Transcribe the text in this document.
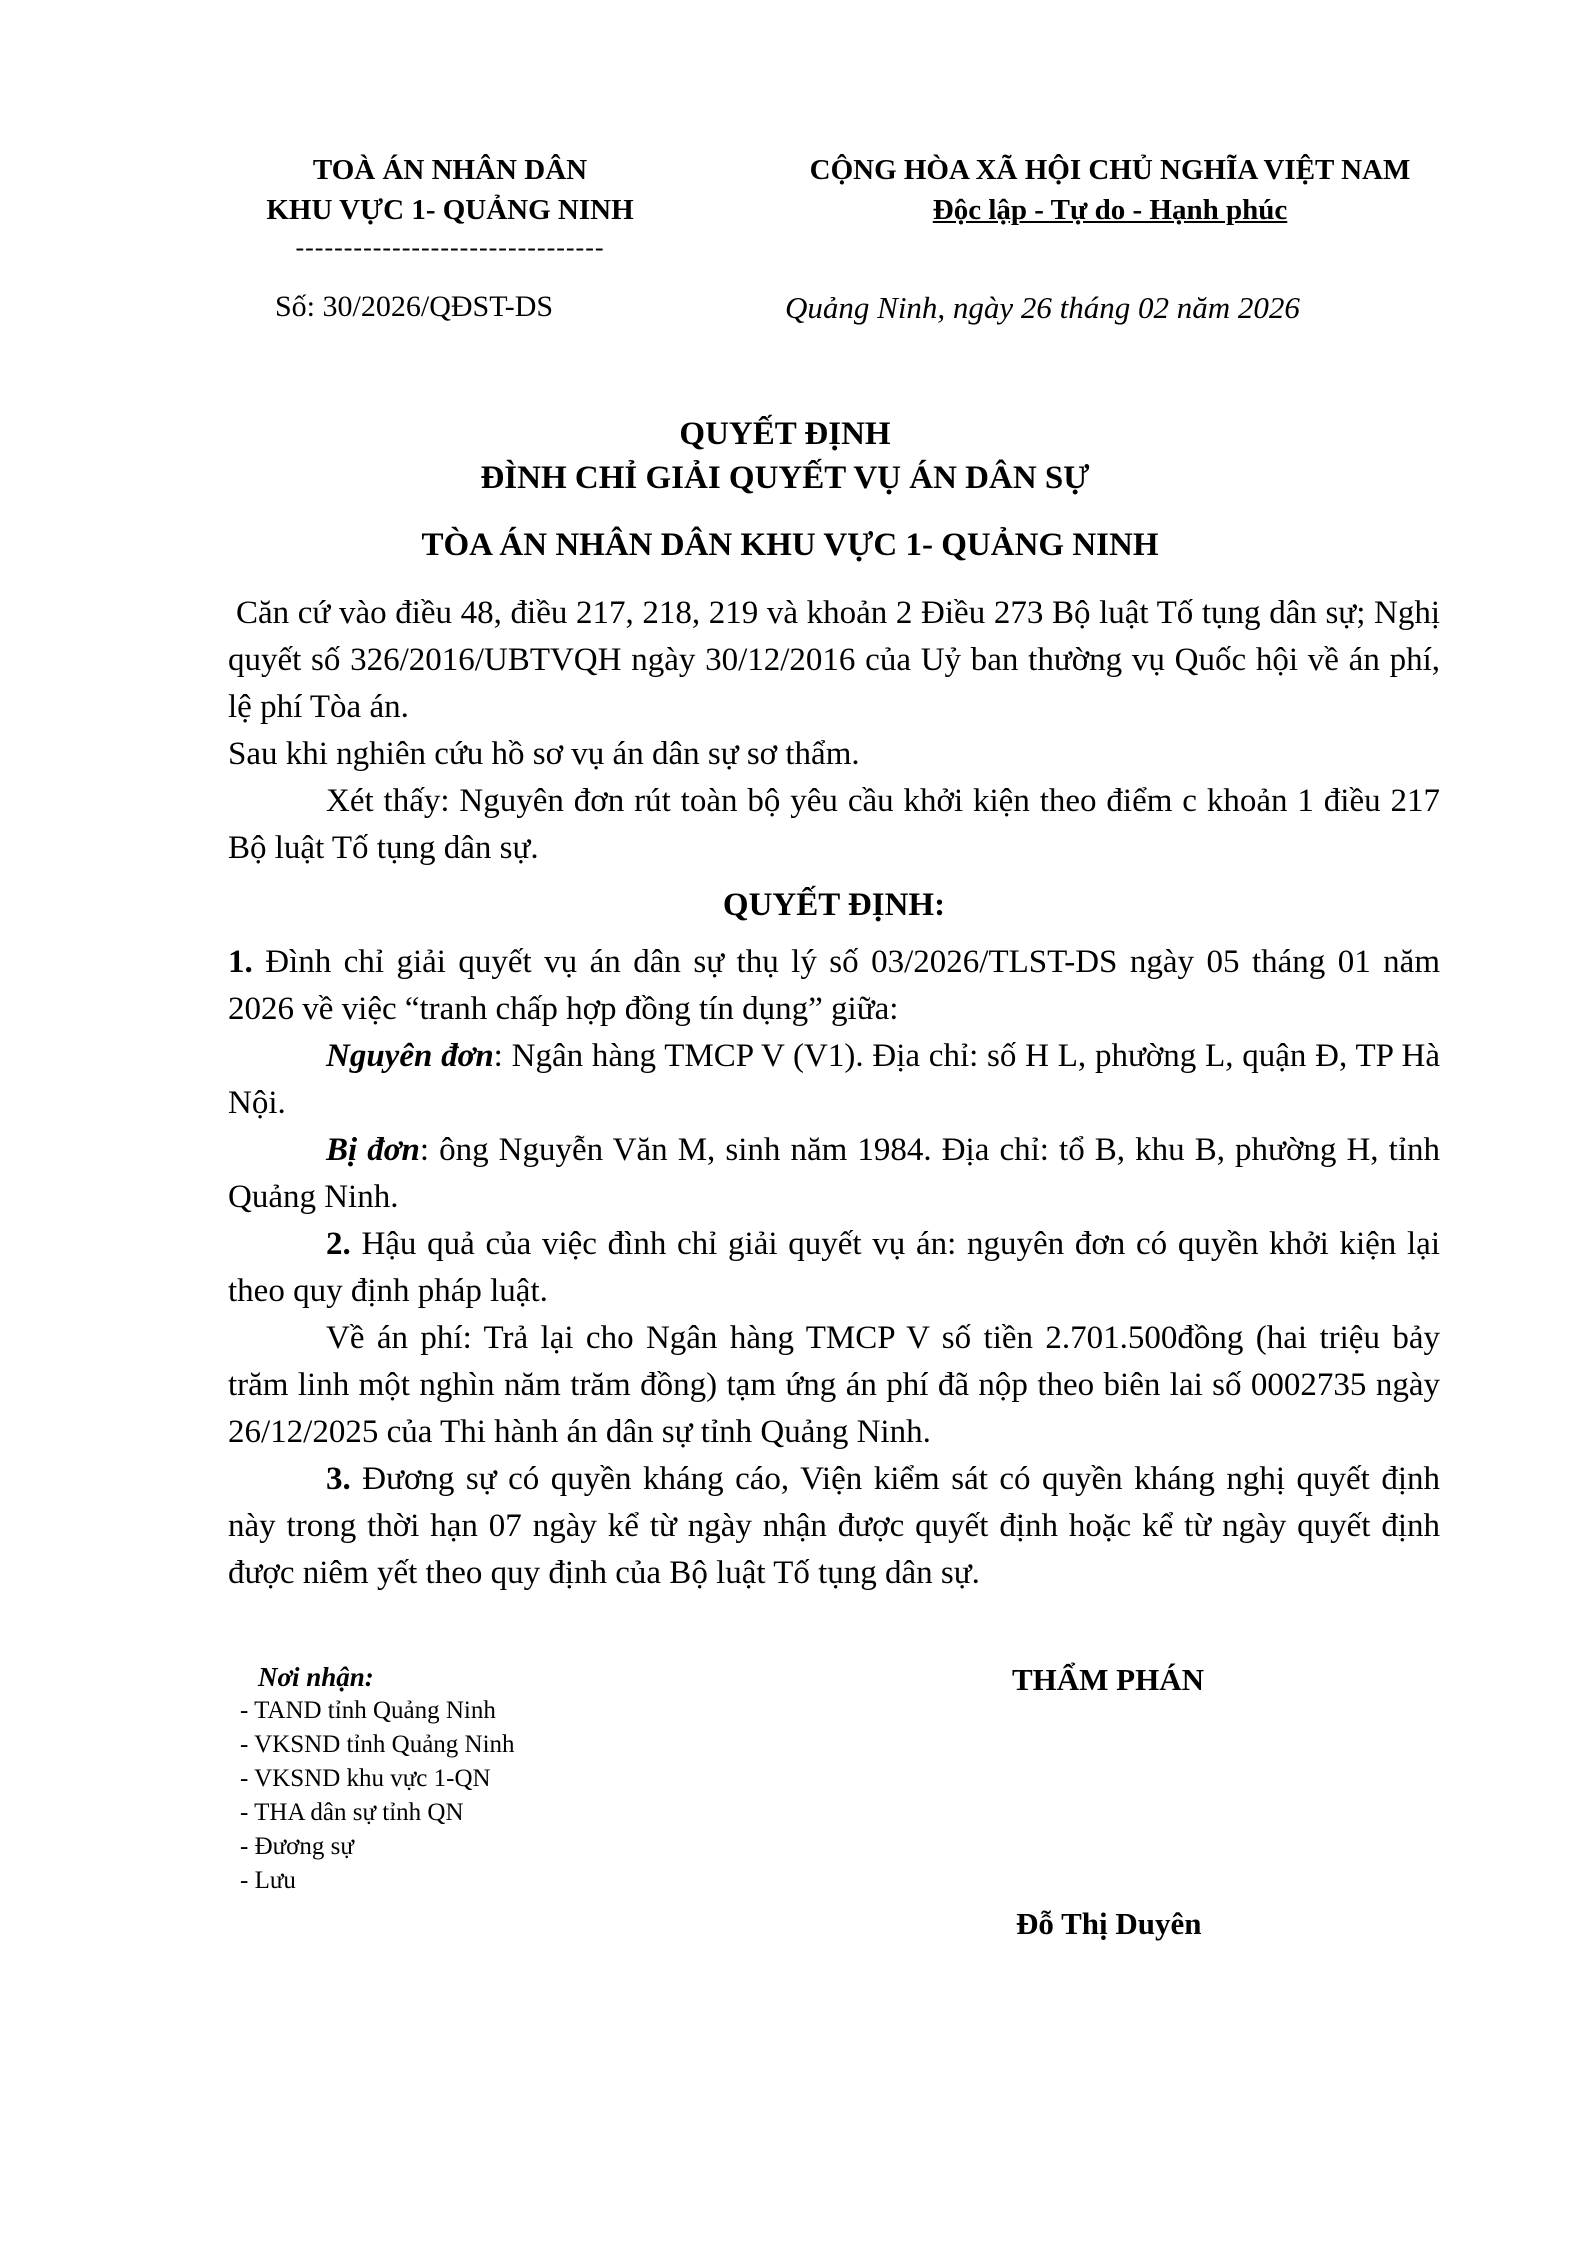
TOÀ ÁN NHÂN DÂN
KHU VỰC 1- QUẢNG NINH
--------------------------------
CỘNG HÒA XÃ HỘI CHỦ NGHĨA VIỆT NAM
Độc lập - Tự do - Hạnh phúc
Số: 30/2026/QĐST-DS	Quảng Ninh, ngày 26 tháng 02 năm 2026
QUYẾT ĐỊNH
ĐÌNH CHỈ GIẢI QUYẾT VỤ ÁN DÂN SỰ
TÒA ÁN NHÂN DÂN KHU VỰC 1- QUẢNG NINH

Căn cứ vào điều 48, điều 217, 218, 219 và khoản 2 Điều 273 Bộ luật Tố tụng dân sự; Nghị quyết số 326/2016/UBTVQH ngày 30/12/2016 của Uỷ ban thường vụ Quốc hội về án phí, lệ phí Tòa án.

Sau khi nghiên cứu hồ sơ vụ án dân sự sơ thẩm.

Xét thấy: Nguyên đơn rút toàn bộ yêu cầu khởi kiện theo điểm c khoản 1 điều 217 Bộ luật Tố tụng dân sự.

QUYẾT ĐỊNH:

1. Đình chỉ giải quyết vụ án dân sự thụ lý số 03/2026/TLST-DS ngày 05 tháng 01 năm 2026 về việc “tranh chấp hợp đồng tín dụng” giữa:

Nguyên đơn: Ngân hàng TMCP V (V1). Địa chỉ: số H L, phường L, quận Đ, TP Hà Nội.

Bị đơn: ông Nguyễn Văn M, sinh năm 1984. Địa chỉ: tổ B, khu B, phường H, tỉnh Quảng Ninh.

2. Hậu quả của việc đình chỉ giải quyết vụ án: nguyên đơn có quyền khởi kiện lại theo quy định pháp luật.

Về án phí: Trả lại cho Ngân hàng TMCP V số tiền 2.701.500đồng (hai triệu bảy trăm linh một nghìn năm trăm đồng) tạm ứng án phí đã nộp theo biên lai số 0002735 ngày 26/12/2025 của Thi hành án dân sự tỉnh Quảng Ninh.

3. Đương sự có quyền kháng cáo, Viện kiểm sát có quyền kháng nghị quyết định này trong thời hạn 07 ngày kể từ ngày nhận được quyết định hoặc kể từ ngày quyết định được niêm yết theo quy định của Bộ luật Tố tụng dân sự.

Nơi nhận:
- TAND tỉnh Quảng Ninh
- VKSND tỉnh Quảng Ninh
- VKSND khu vực 1-QN
- THA dân sự tỉnh QN
- Đương sự
- Lưu
THẨM PHÁN
Đỗ Thị Duyên
